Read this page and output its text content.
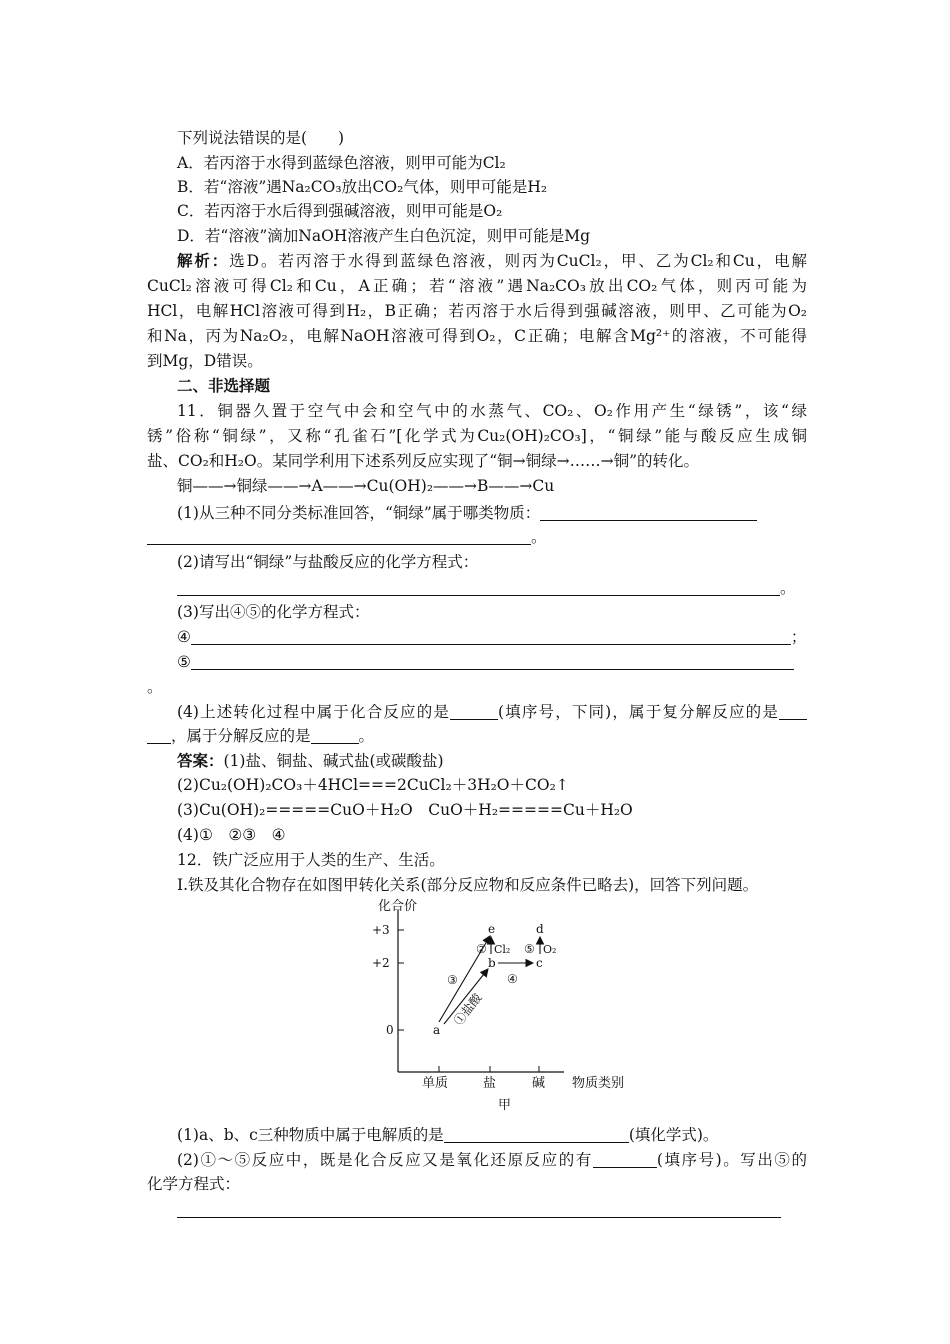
下列说法错误的是(　　)
A．若丙溶于水得到蓝绿色溶液，则甲可能为Cl₂
B．若“溶液”遇Na₂CO₃放出CO₂气体，则甲可能是H₂
C．若丙溶于水后得到强碱溶液，则甲可能是O₂
D．若“溶液”滴加NaOH溶液产生白色沉淀，则甲可能是Mg
解析：选D。若丙溶于水得到蓝绿色溶液，则丙为CuCl₂，甲、乙为Cl₂和Cu，电解
CuCl₂溶液可得Cl₂和Cu，A正确；若“溶液”遇Na₂CO₃放出CO₂气体，则丙可能为
HCl，电解HCl溶液可得到H₂，B正确；若丙溶于水后得到强碱溶液，则甲、乙可能为O₂
和Na，丙为Na₂O₂，电解NaOH溶液可得到O₂，C正确；电解含Mg²⁺的溶液，不可能得
到Mg，D错误。
二、非选择题
11．铜器久置于空气中会和空气中的水蒸气、CO₂、O₂作用产生“绿锈”，该“绿
锈”俗称“铜绿”，又称“孔雀石”[化学式为Cu₂(OH)₂CO₃]，“铜绿”能与酸反应生成铜
盐、CO₂和H₂O。某同学利用下述系列反应实现了“铜→铜绿→……→铜”的转化。
铜——→铜绿——→A——→Cu(OH)₂——→B——→Cu
(1)从三种不同分类标准回答，“铜绿”属于哪类物质：
。
(2)请写出“铜绿”与盐酸反应的化学方程式：
。
(3)写出④⑤的化学方程式：
④	；
⑤
。
(4)上述转化过程中属于化合反应的是	(填序号，下同)，属于复分解反应的是
，属于分解反应的是	。
答案：(1)盐、铜盐、碱式盐(或碳酸盐)
(2)Cu₂(OH)₂CO₃＋4HCl===2CuCl₂＋3H₂O＋CO₂↑
(3)Cu(OH)₂=====CuO＋H₂O　CuO＋H₂=====Cu＋H₂O
(4)①　②③　④
12．铁广泛应用于人类的生产、生活。
Ⅰ.铁及其化合物存在如图甲转化关系(部分反应物和反应条件已略去)，回答下列问题。
化合价
物质类别
+3
+2
0
单质	盐	碱
a
b	c
d
e
①盐酸
② Cl₂
③	④
⑤ O₂
甲
(1)a、b、c三种物质中属于电解质的是	(填化学式)。
(2)①～⑤反应中，既是化合反应又是氧化还原反应的有	(填序号)。写出⑤的
化学方程式：
